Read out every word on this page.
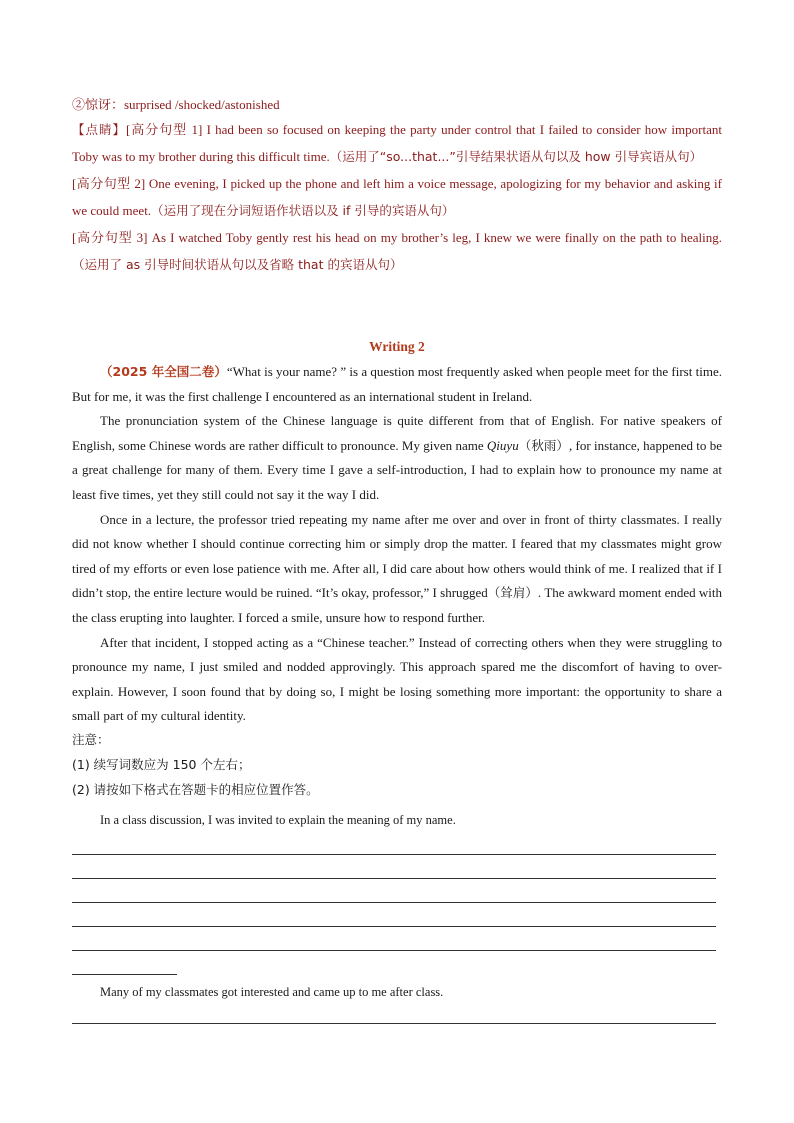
②惊讶：surprised /shocked/astonished

【点睛】[高分句型 1] I had been so focused on keeping the party under control that I failed to consider how important Toby was to my brother during this difficult time.（运用了“so...that...”引导结果状语从句以及 how 引导宾语从句）

[高分句型 2] One evening, I picked up the phone and left him a voice message, apologizing for my behavior and asking if we could meet.（运用了现在分词短语作状语以及 if 引导的宾语从句）

[高分句型 3] As I watched Toby gently rest his head on my brother’s leg, I knew we were finally on the path to healing.（运用了 as 引导时间状语从句以及省略 that 的宾语从句）

Writing 2

（2025 年全国二卷）“What is your name? ” is a question most frequently asked when people meet for the first time. But for me, it was the first challenge I encountered as an international student in Ireland.

The pronunciation system of the Chinese language is quite different from that of English. For native speakers of English, some Chinese words are rather difficult to pronounce. My given name Qiuyu（秋雨）, for instance, happened to be a great challenge for many of them. Every time I gave a self-introduction, I had to explain how to pronounce my name at least five times, yet they still could not say it the way I did.

Once in a lecture, the professor tried repeating my name after me over and over in front of thirty classmates. I really did not know whether I should continue correcting him or simply drop the matter. I feared that my classmates might grow tired of my efforts or even lose patience with me. After all, I did care about how others would think of me. I realized that if I didn’t stop, the entire lecture would be ruined. “It’s okay, professor,” I shrugged（耸肩）. The awkward moment ended with the class erupting into laughter. I forced a smile, unsure how to respond further.

After that incident, I stopped acting as a “Chinese teacher.” Instead of correcting others when they were struggling to pronounce my name, I just smiled and nodded approvingly. This approach spared me the discomfort of having to over-explain. However, I soon found that by doing so, I might be losing something more important: the opportunity to share a small part of my cultural identity.

注意：

(1) 续写词数应为 150 个左右；

(2) 请按如下格式在答题卡的相应位置作答。

In a class discussion, I was invited to explain the meaning of my name.

Many of my classmates got interested and came up to me after class.
